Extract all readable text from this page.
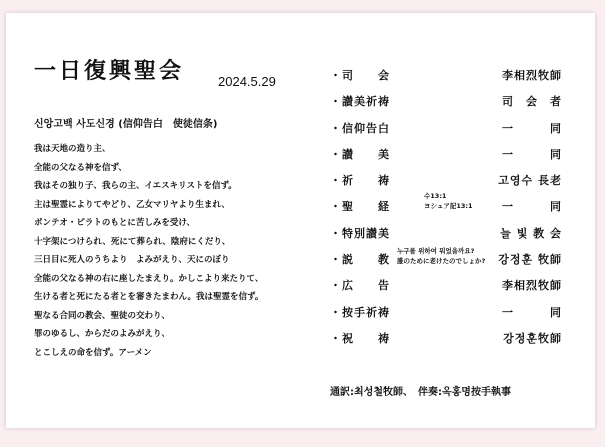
一日復興聖会	2024.5.29
신앙고백 사도신경 (信仰告白　使徒信条)
我は天地の造り主、
全能の父なる神を信ず、
我はその独り子、我らの主、イエスキリストを信ず。
主は聖霊によりてやどり、乙女マリヤより生まれ、
ポンテオ・ピラトのもとに苦しみを受け、
十字架につけられ、死にて葬られ、陰府にくだり、
三日目に死人のうちより　よみがえり、天にのぼり
全能の父なる神の右に座したまえり。かしこより来たりて、
生ける者と死にたる者とを審きたまわん。我は聖霊を信ず。
聖なる合同の教会、聖徒の交わり、
罪のゆるし、からだのよみがえり、
とこしえの命を信ず。アーメン
・司　　会	李相烈牧師
・讃美祈祷	司　会　者
・信仰告白	一　　　同
・讃　　美	一　　　同
・祈　　祷	고영수 長老
・聖　　経	一　　　同
・特別讃美	늘 빛 教 会
・説　　教	강정훈 牧師
・広　　告	李相烈牧師
・按手祈祷	一　　　同
・祝　　祷	강정훈牧師
수13:1
ヨシュア記13:1
누구를 위하여 뭐었을까요?
誰のために老けたのでしょか?
通訳:최성철牧師、　伴奏:옥홍명按手執事
